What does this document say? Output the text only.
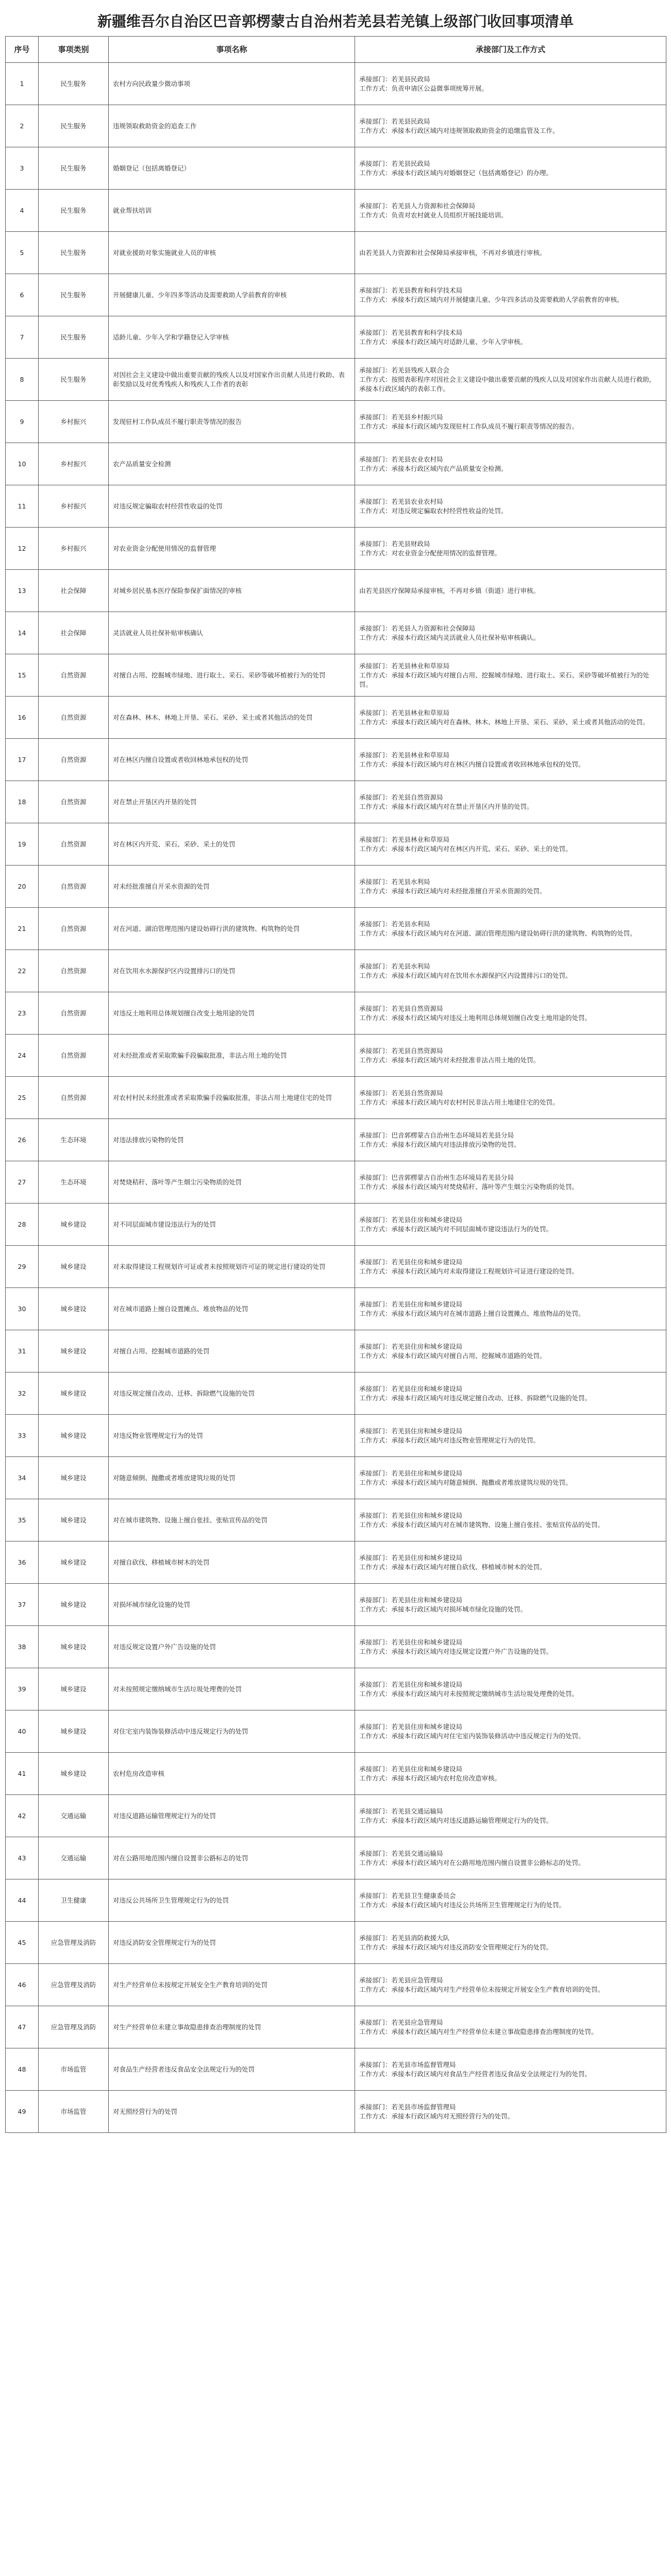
新疆维吾尔自治区巴音郭楞蒙古自治州若羌县若羌镇上级部门收回事项清单
序号	事项类别	事项名称	承接部门及工作方式
1	民生服务	农村方向民政量少微动事项	承接部门：若羌县民政局
工作方式：负责申请区公益微事项统筹开展。

2	民生服务	违规领取救助资金的追查工作	承接部门：若羌县民政局
工作方式：承接本行政区域内对违规领取救助资金的追缴监管及工作。

3	民生服务	婚姻登记（包括离婚登记）	承接部门：若羌县民政局
工作方式：承接本行政区域内对婚姻登记（包括离婚登记）的办理。

4	民生服务	就业帮扶培训	承接部门：若羌县人力资源和社会保障局
工作方式：负责对农村就业人员组织开展技能培训。

5	民生服务	对就业援助对象实施就业人员的审核	由若羌县人力资源和社会保障局承接审核，不再对乡镇进行审核。

6	民生服务	开展健康儿童、少年四多等活动及需要救助人学前教育的审核	承接部门：若羌县教育和科学技术局
工作方式：承接本行政区域内对开展健康儿童、少年四多活动及需要救助人学前教育的审核。

7	民生服务	适龄儿童、少年入学和学籍登记入学审核	承接部门：若羌县教育和科学技术局
工作方式：承接本行政区域内对适龄儿童、少年入学审核。

8	民生服务	对因社会主义建设中做出重要贡献的残疾人以及对国家作出贡献人员进行救助、表彰奖励以及对优秀残疾人和残疾人工作者的表彰	承接部门：若羌县残疾人联合会
工作方式：按照表彰程序对因社会主义建设中做出重要贡献的残疾人以及对国家作出贡献人员进行救助，承接本行政区域内的表彰工作。

9	乡村振兴	发现驻村工作队成员不履行职责等情况的报告	承接部门：若羌县乡村振兴局
工作方式：承接本行政区域内发现驻村工作队成员不履行职责等情况的报告。

10	乡村振兴	农产品质量安全检测	承接部门：若羌县农业农村局
工作方式：承接本行政区域内农产品质量安全检测。

11	乡村振兴	对违反规定骗取农村经营性收益的处罚	承接部门：若羌县农业农村局
工作方式：对违反规定骗取农村经营性收益的处罚。

12	乡村振兴	对农业资金分配使用情况的监督管理	承接部门：若羌县财政局
工作方式：对农业资金分配使用情况的监督管理。

13	社会保障	对城乡居民基本医疗保险参保扩面情况的审核	由若羌县医疗保障局承接审核，不再对乡镇（街道）进行审核。

14	社会保障	灵活就业人员社保补贴审核确认	承接部门：若羌县人力资源和社会保障局
工作方式：承接本行政区域内灵活就业人员社保补贴审核确认。

15	自然资源	对擅自占用、挖掘城市绿地、进行取土、采石、采砂等破坏植被行为的处罚	承接部门：若羌县林业和草原局
工作方式：承接本行政区域内对擅自占用、挖掘城市绿地、进行取土、采石、采砂等破坏植被行为的处罚。

16	自然资源	对在森林、林木、林地上开垦、采石、采砂、采土或者其他活动的处罚	承接部门：若羌县林业和草原局
工作方式：承接本行政区域内对在森林、林木、林地上开垦、采石、采砂、采土或者其他活动的处罚。

17	自然资源	对在林区内擅自设置或者收回林地承包权的处罚	承接部门：若羌县林业和草原局
工作方式：承接本行政区域内对在林区内擅自设置或者收回林地承包权的处罚。

18	自然资源	对在禁止开垦区内开垦的处罚	承接部门：若羌县自然资源局
工作方式：承接本行政区域内对在禁止开垦区内开垦的处罚。

19	自然资源	对在林区内开荒、采石、采砂、采土的处罚	承接部门：若羌县林业和草原局
工作方式：承接本行政区域内对在林区内开荒、采石、采砂、采土的处罚。

20	自然资源	对未经批准擅自开采水资源的处罚	承接部门：若羌县水利局
工作方式：承接本行政区域内对未经批准擅自开采水资源的处罚。

21	自然资源	对在河道、湖泊管理范围内建设妨碍行洪的建筑物、构筑物的处罚	承接部门：若羌县水利局
工作方式：承接本行政区域内对在河道、湖泊管理范围内建设妨碍行洪的建筑物、构筑物的处罚。

22	自然资源	对在饮用水水源保护区内设置排污口的处罚	承接部门：若羌县水利局
工作方式：承接本行政区域内对在饮用水水源保护区内设置排污口的处罚。

23	自然资源	对违反土地利用总体规划擅自改变土地用途的处罚	承接部门：若羌县自然资源局
工作方式：承接本行政区域内对违反土地利用总体规划擅自改变土地用途的处罚。

24	自然资源	对未经批准或者采取欺骗手段骗取批准，非法占用土地的处罚	承接部门：若羌县自然资源局
工作方式：承接本行政区域内对未经批准非法占用土地的处罚。

25	自然资源	对农村村民未经批准或者采取欺骗手段骗取批准，非法占用土地建住宅的处罚	承接部门：若羌县自然资源局
工作方式：承接本行政区域内对农村村民非法占用土地建住宅的处罚。

26	生态环境	对违法排放污染物的处罚	承接部门：巴音郭楞蒙古自治州生态环境局若羌县分局
工作方式：承接本行政区域内对违法排放污染物的处罚。

27	生态环境	对焚烧秸秆、落叶等产生烟尘污染物质的处罚	承接部门：巴音郭楞蒙古自治州生态环境局若羌县分局
工作方式：承接本行政区域内对焚烧秸秆、落叶等产生烟尘污染物质的处罚。

28	城乡建设	对不同层面城市建设违法行为的处罚	承接部门：若羌县住房和城乡建设局
工作方式：承接本行政区域内对不同层面城市建设违法行为的处罚。

29	城乡建设	对未取得建设工程规划许可证或者未按照规划许可证的规定进行建设的处罚	承接部门：若羌县住房和城乡建设局
工作方式：承接本行政区域内对未取得建设工程规划许可证进行建设的处罚。

30	城乡建设	对在城市道路上擅自设置摊点、堆放物品的处罚	承接部门：若羌县住房和城乡建设局
工作方式：承接本行政区域内对在城市道路上擅自设置摊点、堆放物品的处罚。

31	城乡建设	对擅自占用、挖掘城市道路的处罚	承接部门：若羌县住房和城乡建设局
工作方式：承接本行政区域内对擅自占用、挖掘城市道路的处罚。

32	城乡建设	对违反规定擅自改动、迁移、拆除燃气设施的处罚	承接部门：若羌县住房和城乡建设局
工作方式：承接本行政区域内对违反规定擅自改动、迁移、拆除燃气设施的处罚。

33	城乡建设	对违反物业管理规定行为的处罚	承接部门：若羌县住房和城乡建设局
工作方式：承接本行政区域内对违反物业管理规定行为的处罚。

34	城乡建设	对随意倾倒、抛撒或者堆放建筑垃圾的处罚	承接部门：若羌县住房和城乡建设局
工作方式：承接本行政区域内对随意倾倒、抛撒或者堆放建筑垃圾的处罚。

35	城乡建设	对在城市建筑物、设施上擅自张挂、张贴宣传品的处罚	承接部门：若羌县住房和城乡建设局
工作方式：承接本行政区域内对在城市建筑物、设施上擅自张挂、张贴宣传品的处罚。

36	城乡建设	对擅自砍伐、移植城市树木的处罚	承接部门：若羌县住房和城乡建设局
工作方式：承接本行政区域内对擅自砍伐、移植城市树木的处罚。

37	城乡建设	对损坏城市绿化设施的处罚	承接部门：若羌县住房和城乡建设局
工作方式：承接本行政区域内对损坏城市绿化设施的处罚。

38	城乡建设	对违反规定设置户外广告设施的处罚	承接部门：若羌县住房和城乡建设局
工作方式：承接本行政区域内对违反规定设置户外广告设施的处罚。

39	城乡建设	对未按照规定缴纳城市生活垃圾处理费的处罚	承接部门：若羌县住房和城乡建设局
工作方式：承接本行政区域内对未按照规定缴纳城市生活垃圾处理费的处罚。

40	城乡建设	对住宅室内装饰装修活动中违反规定行为的处罚	承接部门：若羌县住房和城乡建设局
工作方式：承接本行政区域内对住宅室内装饰装修活动中违反规定行为的处罚。

41	城乡建设	农村危房改造审核	承接部门：若羌县住房和城乡建设局
工作方式：承接本行政区域内农村危房改造审核。

42	交通运输	对违反道路运输管理规定行为的处罚	承接部门：若羌县交通运输局
工作方式：承接本行政区域内对违反道路运输管理规定行为的处罚。

43	交通运输	对在公路用地范围内擅自设置非公路标志的处罚	承接部门：若羌县交通运输局
工作方式：承接本行政区域内对在公路用地范围内擅自设置非公路标志的处罚。

44	卫生健康	对违反公共场所卫生管理规定行为的处罚	承接部门：若羌县卫生健康委员会
工作方式：承接本行政区域内对违反公共场所卫生管理规定行为的处罚。

45	应急管理及消防	对违反消防安全管理规定行为的处罚	承接部门：若羌县消防救援大队
工作方式：承接本行政区域内对违反消防安全管理规定行为的处罚。

46	应急管理及消防	对生产经营单位未按规定开展安全生产教育培训的处罚	承接部门：若羌县应急管理局
工作方式：承接本行政区域内对生产经营单位未按规定开展安全生产教育培训的处罚。

47	应急管理及消防	对生产经营单位未建立事故隐患排查治理制度的处罚	承接部门：若羌县应急管理局
工作方式：承接本行政区域内对生产经营单位未建立事故隐患排查治理制度的处罚。

48	市场监管	对食品生产经营者违反食品安全法规定行为的处罚	承接部门：若羌县市场监督管理局
工作方式：承接本行政区域内对食品生产经营者违反食品安全法规定行为的处罚。

49	市场监管	对无照经营行为的处罚	承接部门：若羌县市场监督管理局
工作方式：承接本行政区域内对无照经营行为的处罚。
